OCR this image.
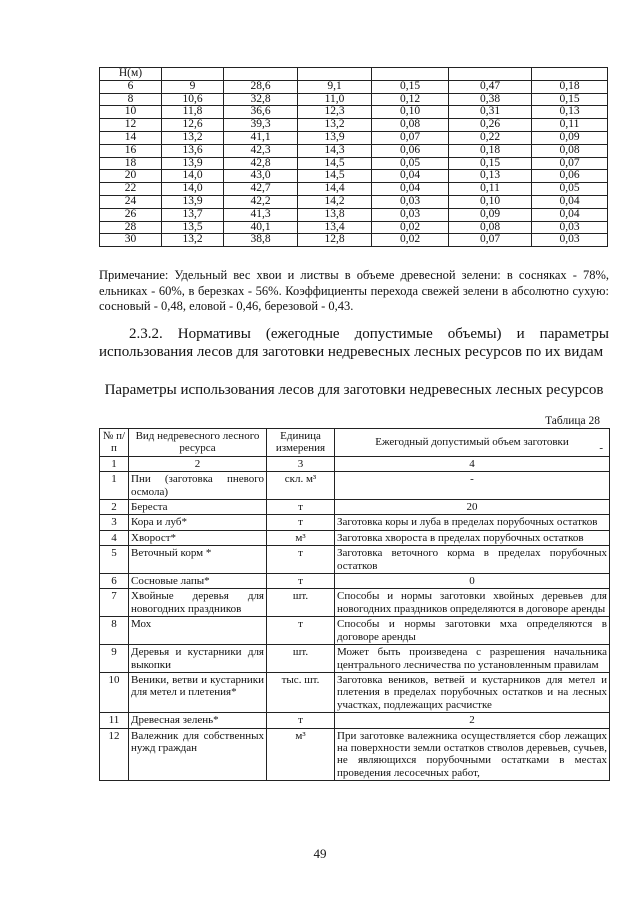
H(м)						
6	9	28,6	9,1	0,15	0,47	0,18
8	10,6	32,8	11,0	0,12	0,38	0,15
10	11,8	36,6	12,3	0,10	0,31	0,13
12	12,6	39,3	13,2	0,08	0,26	0,11
14	13,2	41,1	13,9	0,07	0,22	0,09
16	13,6	42,3	14,3	0,06	0,18	0,08
18	13,9	42,8	14,5	0,05	0,15	0,07
20	14,0	43,0	14,5	0,04	0,13	0,06
22	14,0	42,7	14,4	0,04	0,11	0,05
24	13,9	42,2	14,2	0,03	0,10	0,04
26	13,7	41,3	13,8	0,03	0,09	0,04
28	13,5	40,1	13,4	0,02	0,08	0,03
30	13,2	38,8	12,8	0,02	0,07	0,03
Примечание: Удельный вес хвои и листвы в объеме древесной зелени: в сосняках - 78%, ельниках - 60%, в березках - 56%. Коэффициенты перехода свежей зелени в абсолютно сухую: сосновый - 0,48, еловой - 0,46, березовой - 0,43.
2.3.2. Нормативы (ежегодные допустимые объемы) и параметры использования лесов для заготовки недревесных лесных ресурсов по их видам
Параметры использования лесов для заготовки недревесных лесных ресурсов
Таблица 28
№ п/п	Вид недревесного лесного ресурса	Единица измерения	Ежегодный допустимый объем заготовки
-

1	2	3	4
1	Пни (заготовка пневого осмола)	скл. м³	-
2	Береста	т	20
3	Кора и луб*	т	Заготовка коры и луба в пределах порубочных остатков
4	Хворост*	м³	Заготовка хвороста в пределах порубочных остатков
5	Веточный корм *	т	Заготовка веточного корма в пределах порубочных остатков
6	Сосновые лапы*	т	0
7	Хвойные деревья для новогодних праздников	шт.	Способы и нормы заготовки хвойных деревьев для новогодних праздников определяются в договоре аренды
8	Мох	т	Способы и нормы заготовки мха определяются в договоре аренды
9	Деревья и кустарники для выкопки	шт.	Может быть произведена с разрешения начальника центрального лесничества по установленным правилам
10	Веники, ветви и кустарники для метел и плетения*	тыс. шт.	Заготовка веников, ветвей и кустарников для метел и плетения в пределах порубочных остатков и на лесных участках, подлежащих расчистке
11	Древесная зелень*	т	2
12	Валежник для собственных нужд граждан	м³	При заготовке валежника осуществляется сбор лежащих на поверхности земли остатков стволов деревьев, сучьев, не являющихся порубочными остатками в местах проведения лесосечных работ,
49
